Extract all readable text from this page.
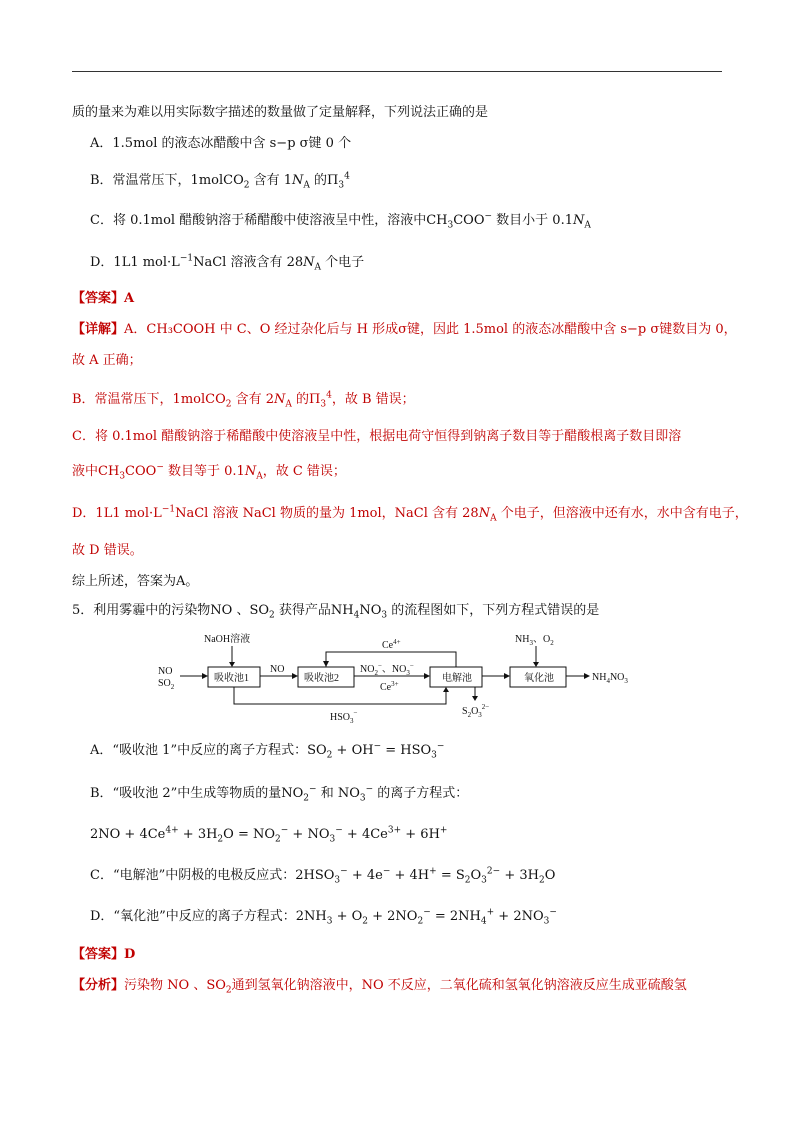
质的量来为难以用实际数字描述的数量做了定量解释，下列说法正确的是
A．1.5mol 的液态冰醋酸中含 s−p σ键 0 个
B．常温常压下，1molCO$_2$ 含有 $1N_A$ 的$\Pi_3^4$
C．将 0.1mol 醋酸钠溶于稀醋酸中使溶液呈中性，溶液中$CH_3COO^-$ 数目小于 $0.1N_A$
D．1L1 $mol\cdot L^{-1}NaCl$ 溶液含有 $28N_A$ 个电子
【答案】A
【详解】A．CH₃COOH 中 C、O 经过杂化后与 H 形成σ键，因此 1.5mol 的液态冰醋酸中含 s−p σ键数目为 0，
故 A 正确；
B．常温常压下，1molCO$_2$ 含有 $2N_A$ 的$\Pi_3^4$，故 B 错误；
C．将 0.1mol 醋酸钠溶于稀醋酸中使溶液呈中性，根据电荷守恒得到钠离子数目等于醋酸根离子数目即溶
液中$CH_3COO^-$ 数目等于 $0.1N_A$，故 C 错误；
D．1L1 $mol\cdot L^{-1}NaCl$ 溶液 NaCl 物质的量为 1mol，NaCl 含有 $28N_A$ 个电子，但溶液中还有水，水中含有电子，
故 D 错误。
综上所述，答案为A。
5．利用雾霾中的污染物NO 、$SO_2$ 获得产品$NH_4NO_3$ 的流程图如下，下列方程式错误的是
NO
$SO_2$
NaOH溶液
吸收池1
NO
吸收池2
$Ce^{4+}$
$NO_2^-$、$NO_3^-$
$Ce^{3+}$	电解池
$S_2O_3^{2-}$
$HSO_3^-$
$NH_3$、$O_2$
氧化池	$NH_4NO_3$
A．“吸收池 1”中反应的离子方程式：$SO_2 + OH^- = HSO_3^-$
B．“吸收池 2”中生成等物质的量$NO_2^-$ 和 $NO_3^-$ 的离子方程式：
$2NO + 4Ce^{4+} + 3H_2O = NO_2^- + NO_3^- + 4Ce^{3+} + 6H^+$
C．“电解池”中阴极的电极反应式：$2HSO_3^- + 4e^- + 4H^+ = S_2O_3^{2-} + 3H_2O$
D．“氧化池”中反应的离子方程式：$2NH_3 + O_2 + 2NO_2^- = 2NH_4^+ + 2NO_3^-$
【答案】D
【分析】污染物 NO 、$SO_2$通到氢氧化钠溶液中，NO 不反应，二氧化硫和氢氧化钠溶液反应生成亚硫酸氢
